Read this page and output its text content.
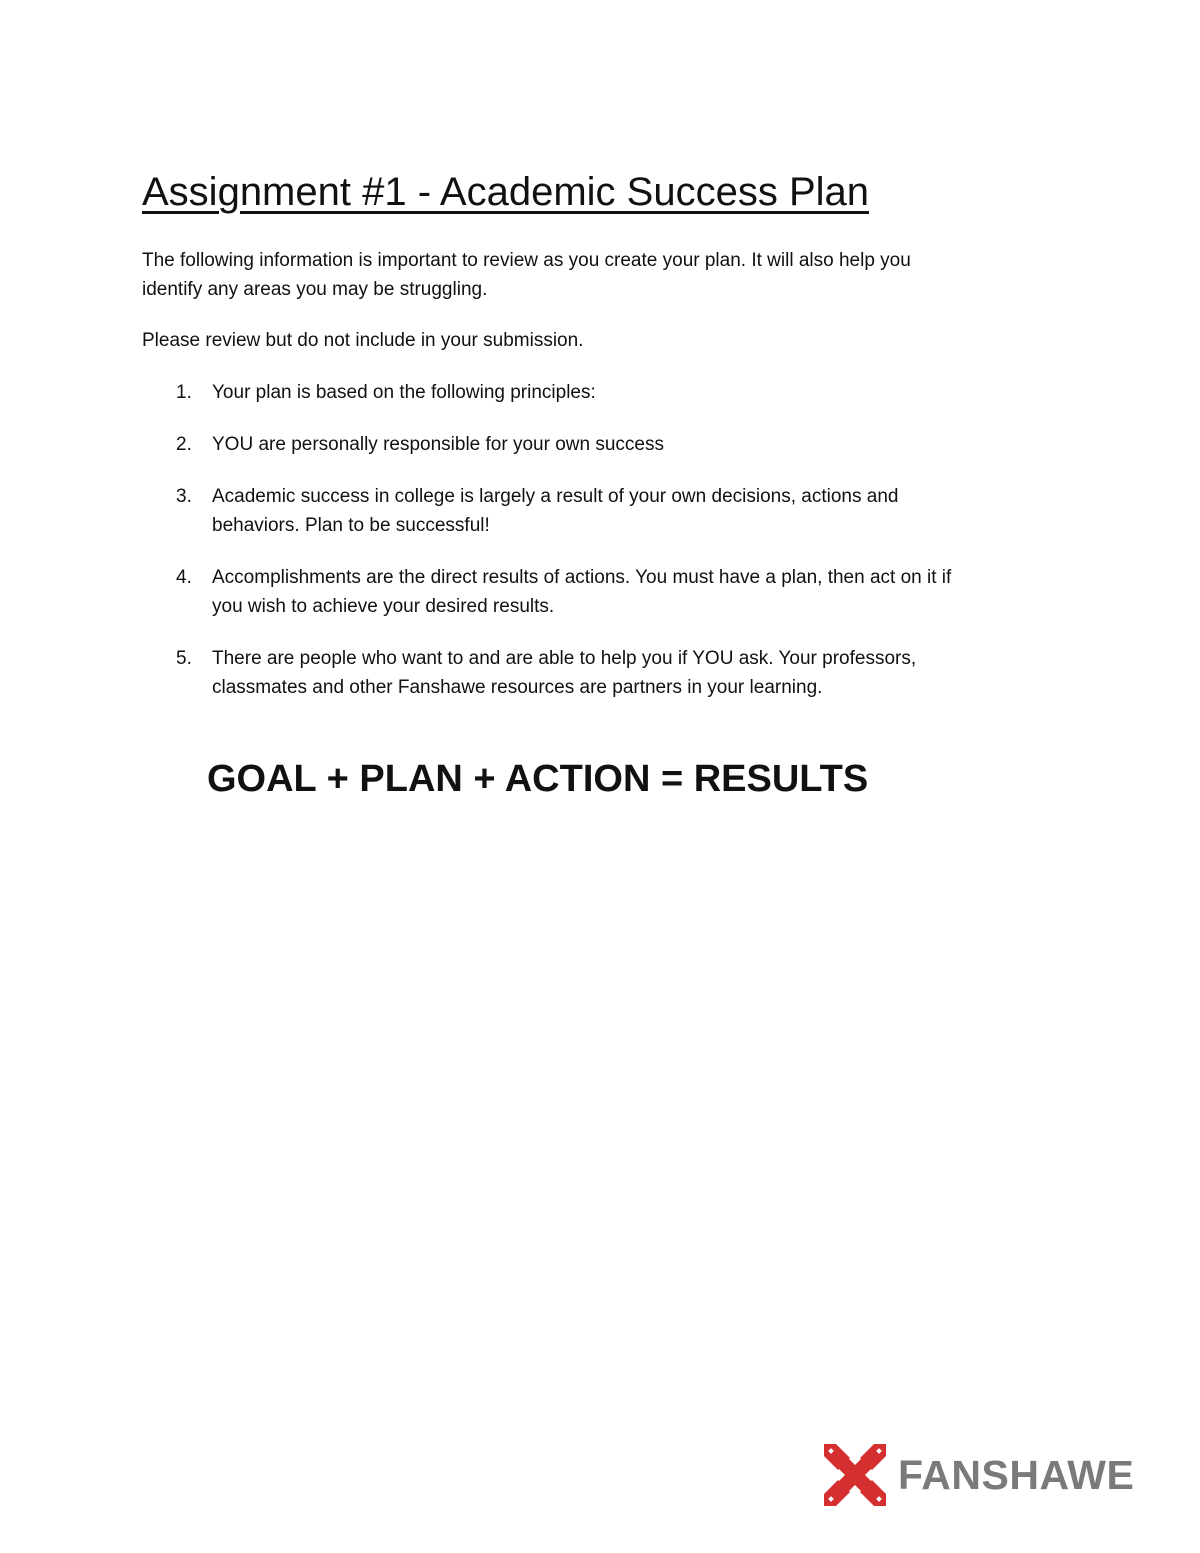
Assignment #1 - Academic Success Plan

The following information is important to review as you create your plan. It will also help you identify any areas you may be struggling.

Please review but do not include in your submission.

1. Your plan is based on the following principles:
2. YOU are personally responsible for your own success
3. Academic success in college is largely a result of your own decisions, actions and behaviors. Plan to be successful!
4. Accomplishments are the direct results of actions. You must have a plan, then act on it if you wish to achieve your desired results.
5. There are people who want to and are able to help you if YOU ask. Your professors, classmates and other Fanshawe resources are partners in your learning.

GOAL + PLAN + ACTION = RESULTS

FANSHAWE
